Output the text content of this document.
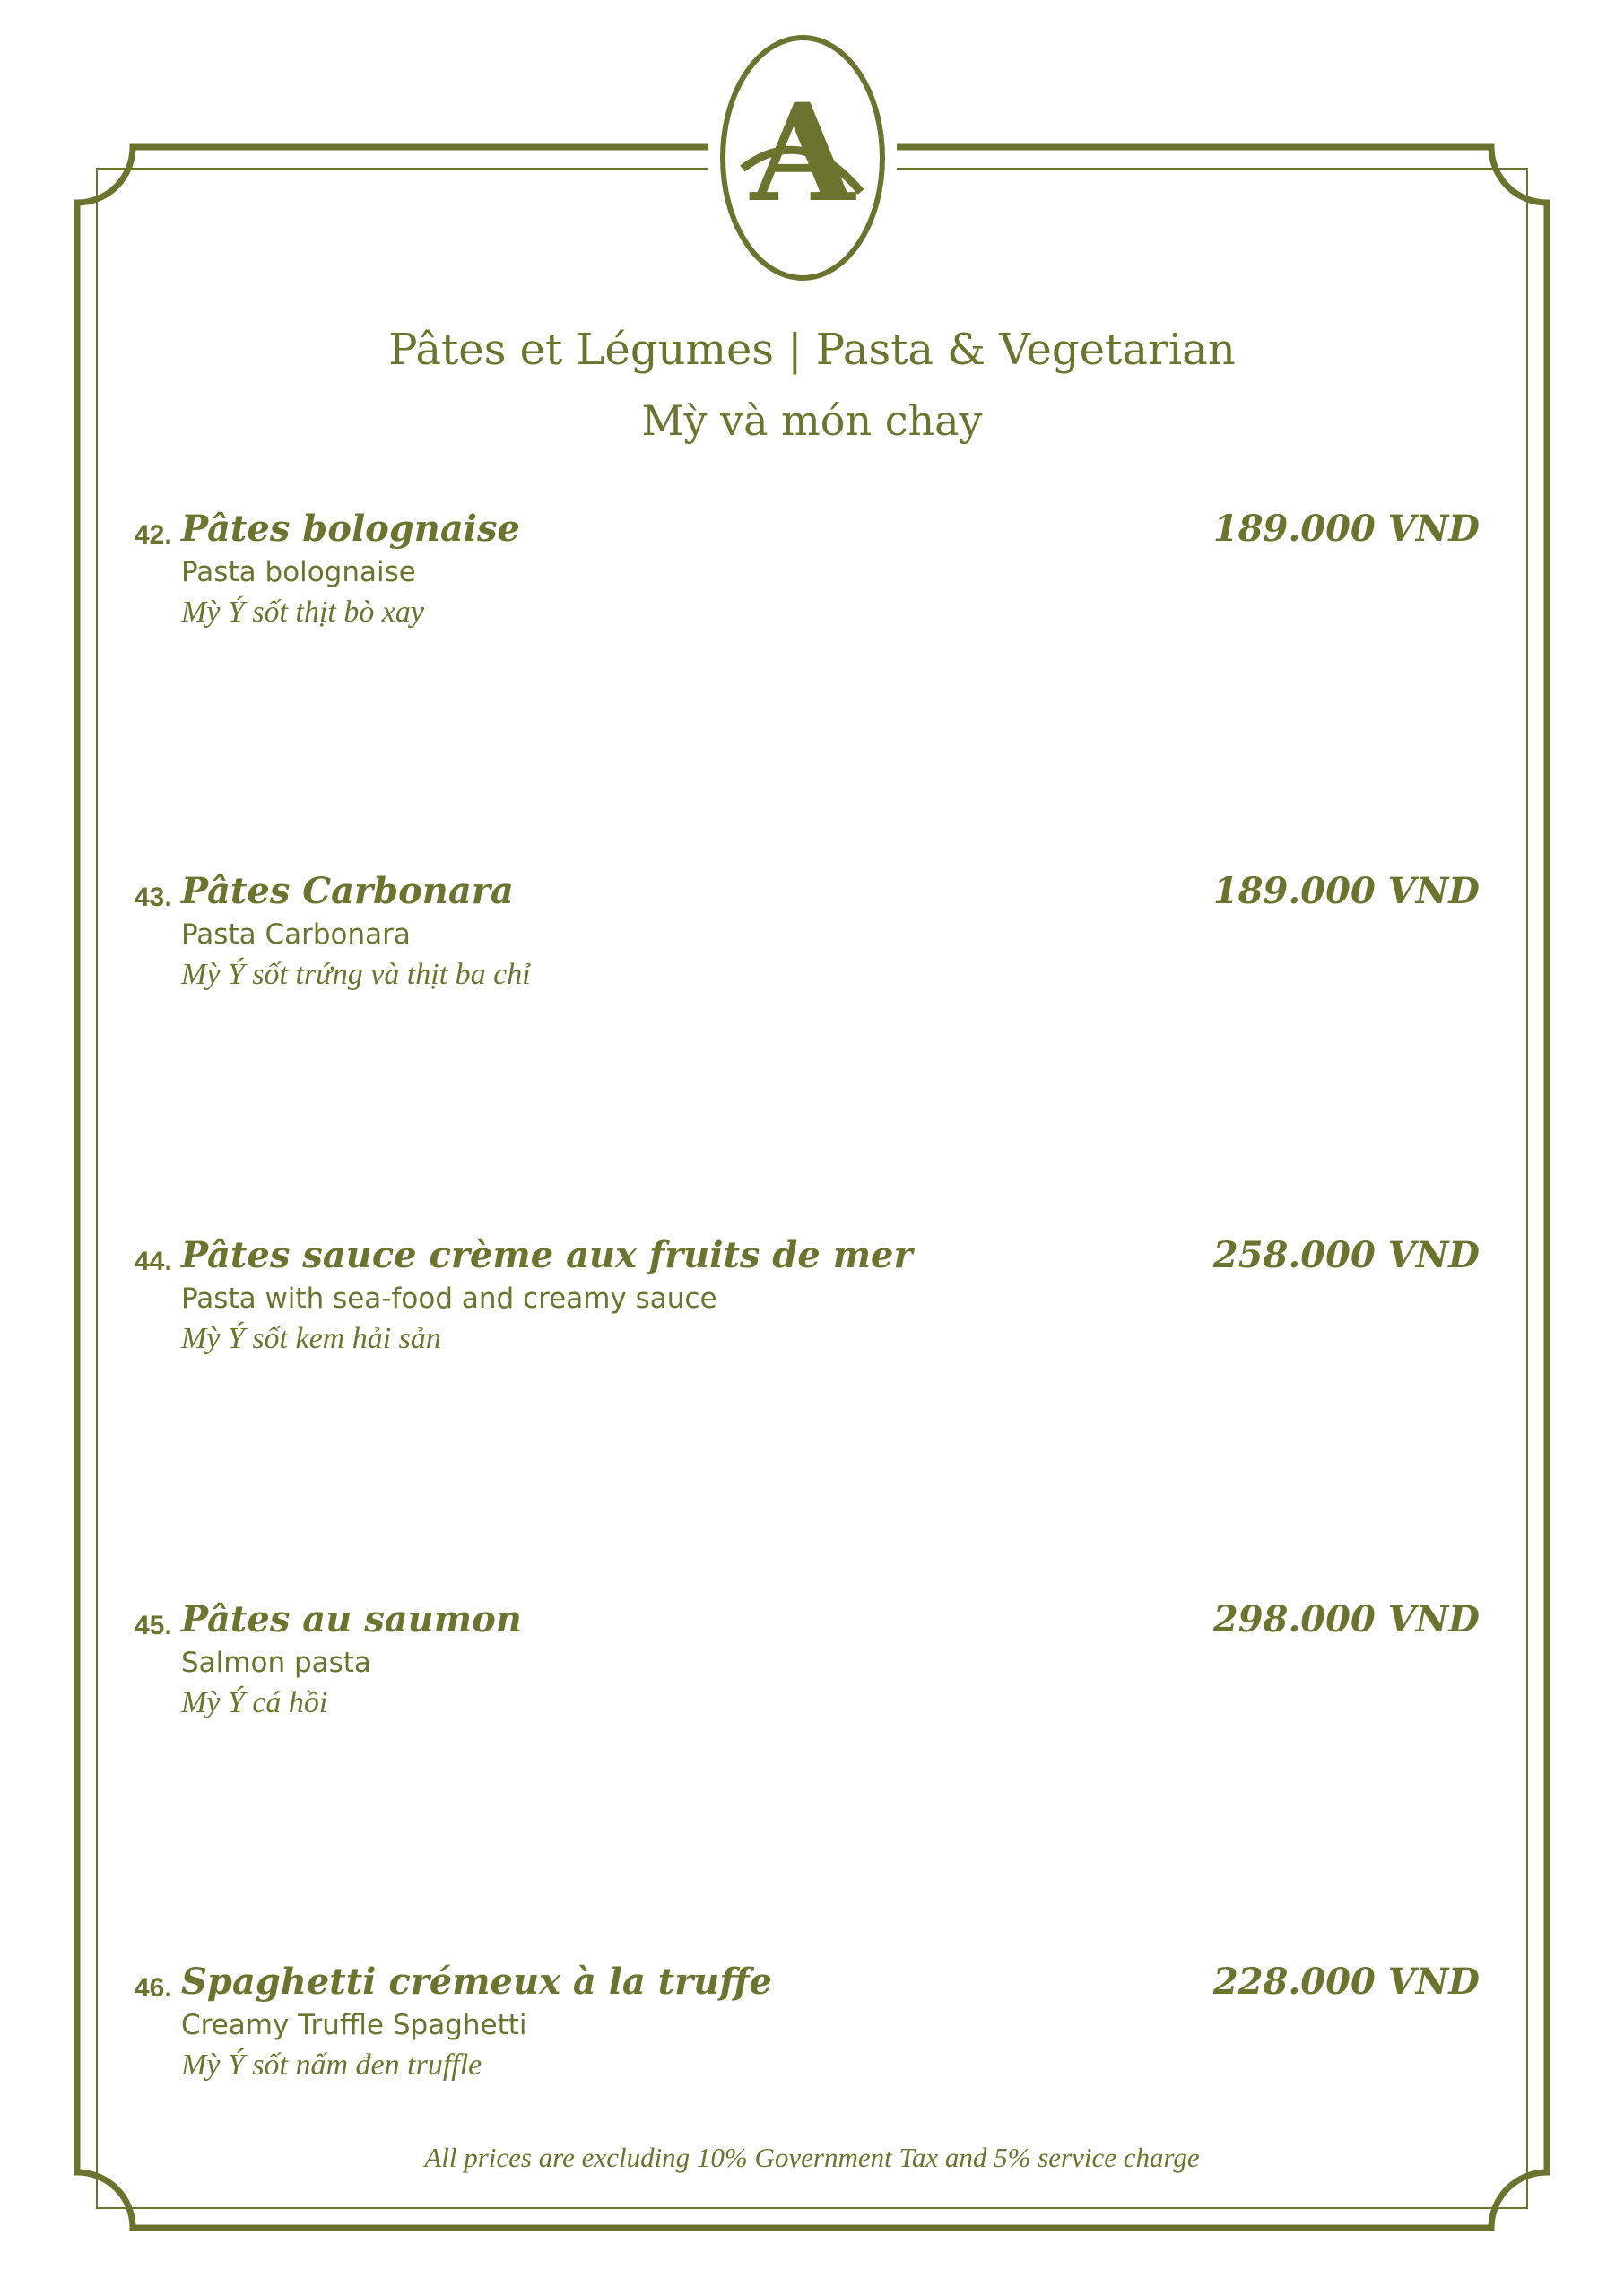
A
Pâtes et Légumes | Pasta & Vegetarian
Mỳ và món chay
42. Pâtes bolognaise
Pasta bolognaise
Mỳ Ý sốt thịt bò xay
189.000 VND
43. Pâtes Carbonara
Pasta Carbonara
Mỳ Ý sốt trứng và thịt ba chỉ
189.000 VND
44. Pâtes sauce crème aux fruits de mer
Pasta with sea-food and creamy sauce
Mỳ Ý sốt kem hải sản
258.000 VND
45. Pâtes au saumon
Salmon pasta
Mỳ Ý cá hồi
298.000 VND
46. Spaghetti crémeux à la truffe
Creamy Truffle Spaghetti
Mỳ Ý sốt nấm đen truffle
228.000 VND
All prices are excluding 10% Government Tax and 5% service charge
